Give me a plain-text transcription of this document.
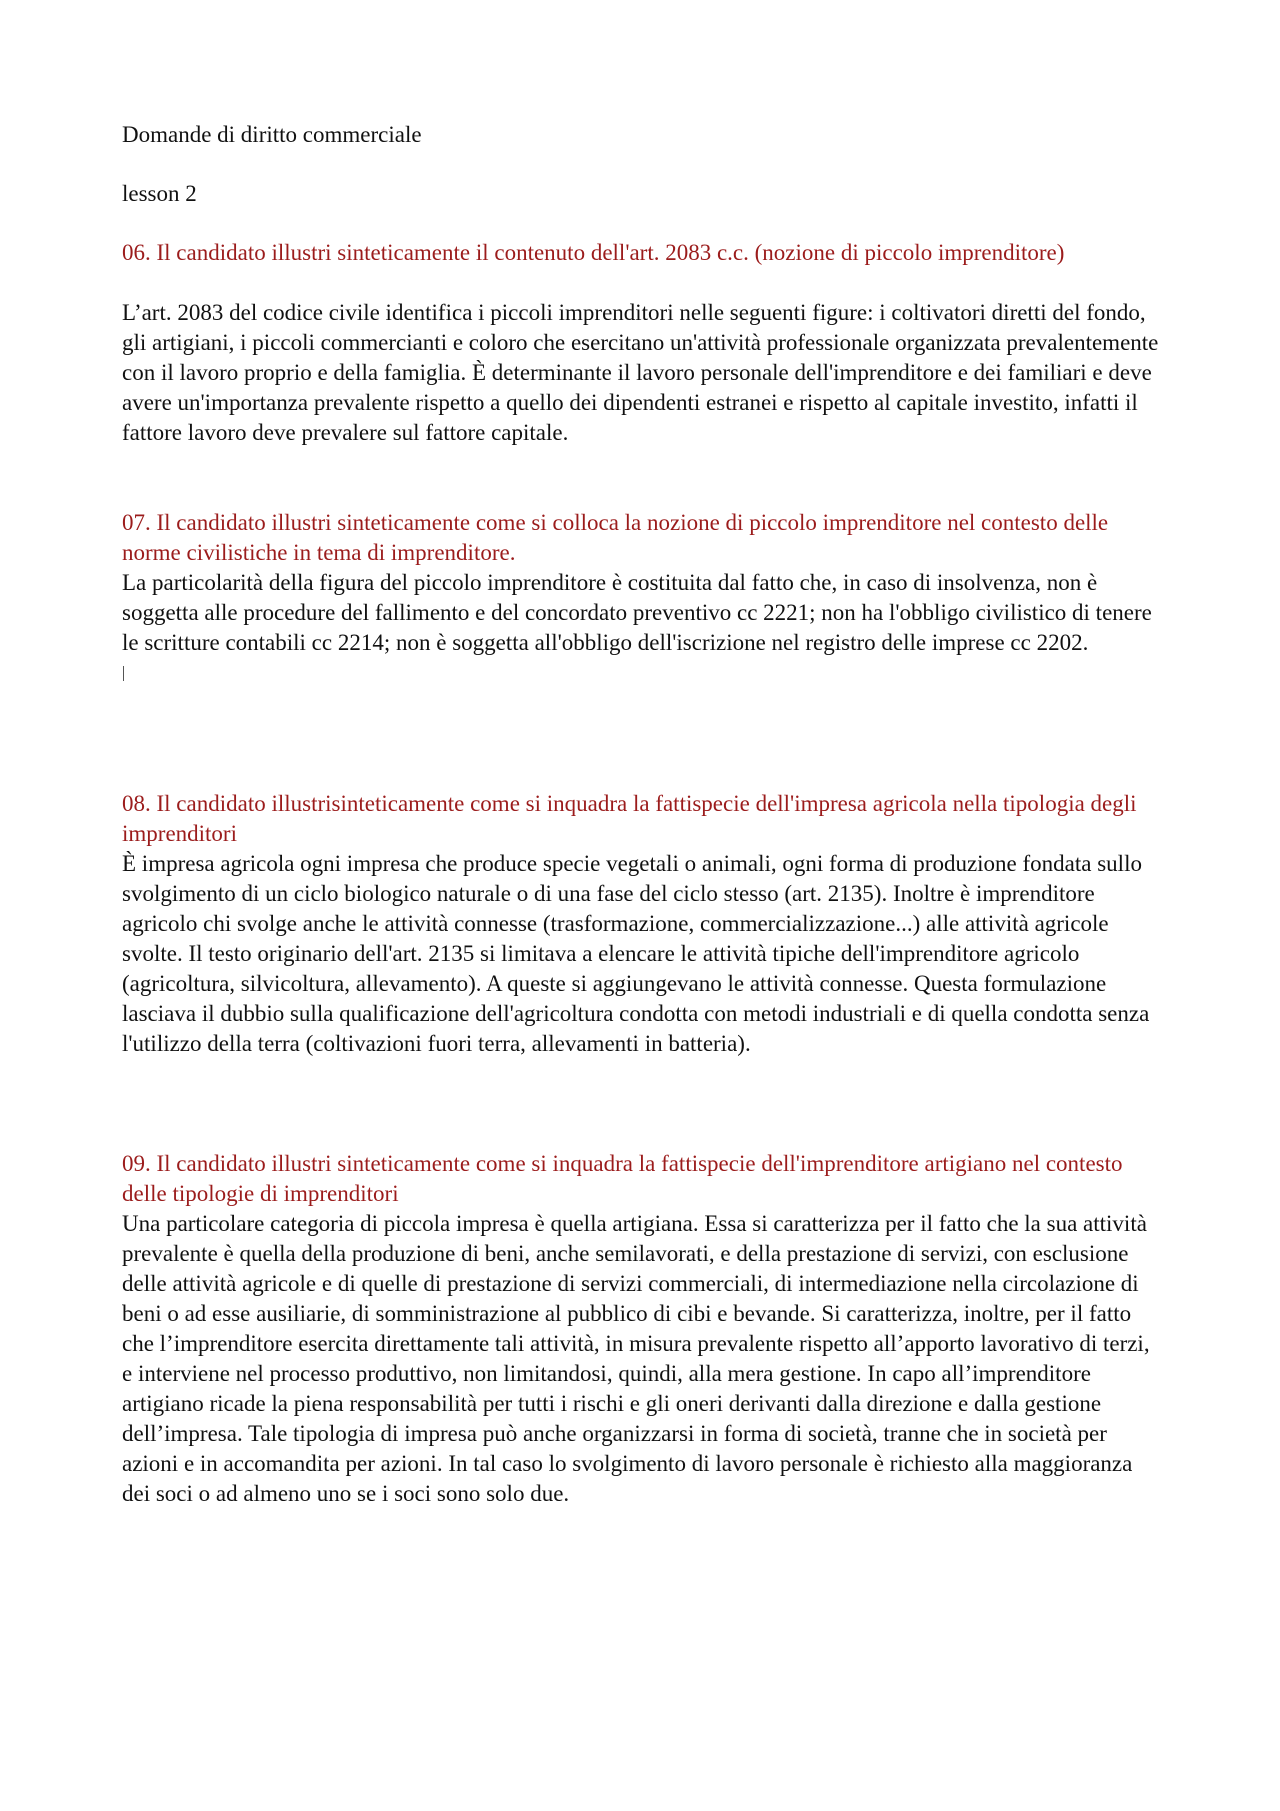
Domande di diritto commerciale

lesson 2

06. Il candidato illustri sinteticamente il contenuto dell'art. 2083 c.c. (nozione di piccolo imprenditore)

L’art. 2083 del codice civile identifica i piccoli imprenditori nelle seguenti figure: i coltivatori diretti del fondo, gli artigiani, i piccoli commercianti e coloro che esercitano un'attività professionale organizzata prevalentemente con il lavoro proprio e della famiglia. È determinante il lavoro personale dell'imprenditore e dei familiari e deve avere un'importanza prevalente rispetto a quello dei dipendenti estranei e rispetto al capitale investito, infatti il fattore lavoro deve prevalere sul fattore capitale.

07. Il candidato illustri sinteticamente come si colloca la nozione di piccolo imprenditore nel contesto delle norme civilistiche in tema di imprenditore.

La particolarità della figura del piccolo imprenditore è costituita dal fatto che, in caso di insolvenza, non è soggetta alle procedure del fallimento e del concordato preventivo cc 2221; non ha l'obbligo civilistico di tenere le scritture contabili cc 2214; non è soggetta all'obbligo dell'iscrizione nel registro delle imprese cc 2202.

08. Il candidato illustrisinteticamente come si inquadra la fattispecie dell'impresa agricola nella tipologia degli imprenditori

È impresa agricola ogni impresa che produce specie vegetali o animali, ogni forma di produzione fondata sullo svolgimento di un ciclo biologico naturale o di una fase del ciclo stesso (art. 2135). Inoltre è imprenditore agricolo chi svolge anche le attività connesse (trasformazione, commercializzazione...) alle attività agricole svolte. Il testo originario dell'art. 2135 si limitava a elencare le attività tipiche dell'imprenditore agricolo (agricoltura, silvicoltura, allevamento). A queste si aggiungevano le attività connesse. Questa formulazione lasciava il dubbio sulla qualificazione dell'agricoltura condotta con metodi industriali e di quella condotta senza l'utilizzo della terra (coltivazioni fuori terra, allevamenti in batteria).

09. Il candidato illustri sinteticamente come si inquadra la fattispecie dell'imprenditore artigiano nel contesto delle tipologie di imprenditori

Una particolare categoria di piccola impresa è quella artigiana. Essa si caratterizza per il fatto che la sua attività prevalente è quella della produzione di beni, anche semilavorati, e della prestazione di servizi, con esclusione delle attività agricole e di quelle di prestazione di servizi commerciali, di intermediazione nella circolazione di beni o ad esse ausiliarie, di somministrazione al pubblico di cibi e bevande. Si caratterizza, inoltre, per il fatto che l’imprenditore esercita direttamente tali attività, in misura prevalente rispetto all’apporto lavorativo di terzi, e interviene nel processo produttivo, non limitandosi, quindi, alla mera gestione. In capo all’imprenditore artigiano ricade la piena responsabilità per tutti i rischi e gli oneri derivanti dalla direzione e dalla gestione dell’impresa. Tale tipologia di impresa può anche organizzarsi in forma di società, tranne che in società per azioni e in accomandita per azioni. In tal caso lo svolgimento di lavoro personale è richiesto alla maggioranza dei soci o ad almeno uno se i soci sono solo due.
